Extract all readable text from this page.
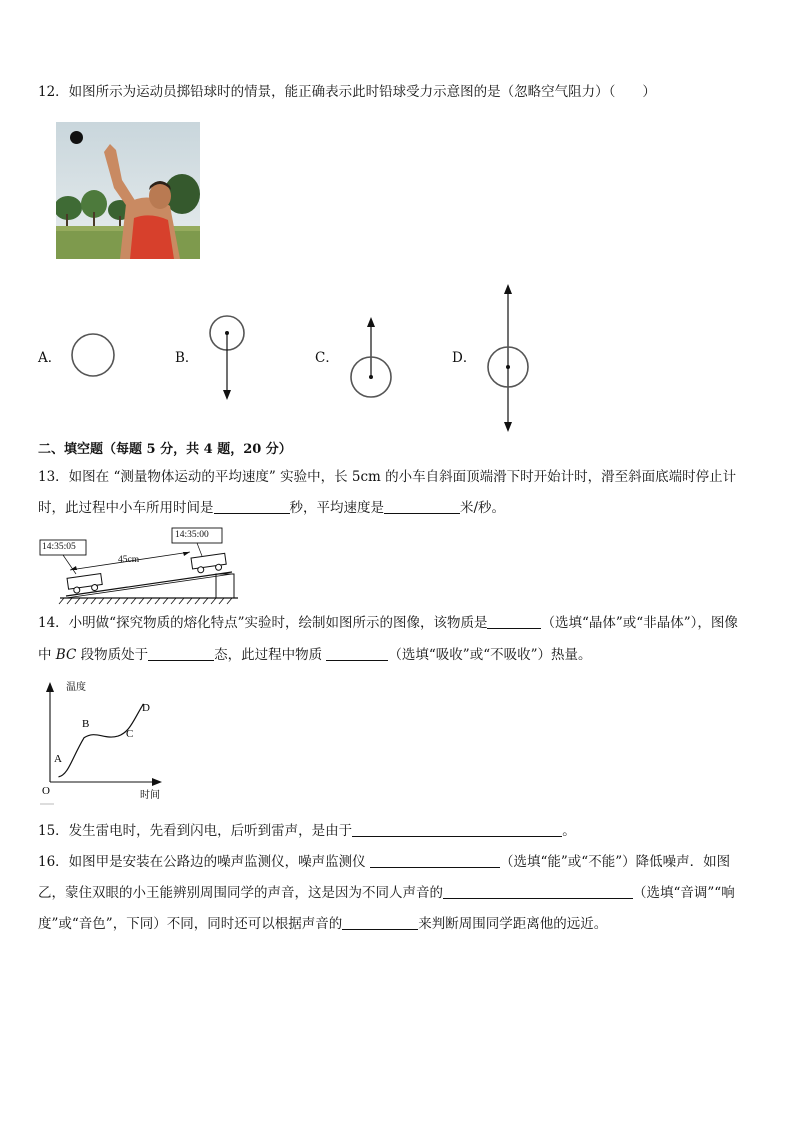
12．如图所示为运动员掷铅球时的情景，能正确表示此时铅球受力示意图的是（忽略空气阻力）（　　）
A．	B．	C．	D．
二、填空题（每题 5 分，共 4 题，20 分）
13．如图在 “测量物体运动的平均速度” 实验中，长 5cm 的小车自斜面顶端滑下时开始计时，滑至斜面底端时停止计
时，此过程中小车所用时间是	秒，平均速度是	米/秒。
14:35:05
14:35:00
45cm
14．小明做“探究物质的熔化特点”实验时，绘制如图所示的图像，该物质是	（选填“晶体”或“非晶体”），图像
中 BC 段物质处于	态，此过程中物质	（选填“吸收”或“不吸收”）热量。
温度
时间
O
A
B
C
D
15．发生雷电时，先看到闪电，后听到雷声，是由于	。
16．如图甲是安装在公路边的噪声监测仪，噪声监测仪	（选填“能”或“不能”）降低噪声．如图
乙，蒙住双眼的小王能辨别周围同学的声音，这是因为不同人声音的	（选填“音调”“响
度”或“音色”，下同）不同，同时还可以根据声音的	来判断周围同学距离他的远近。
